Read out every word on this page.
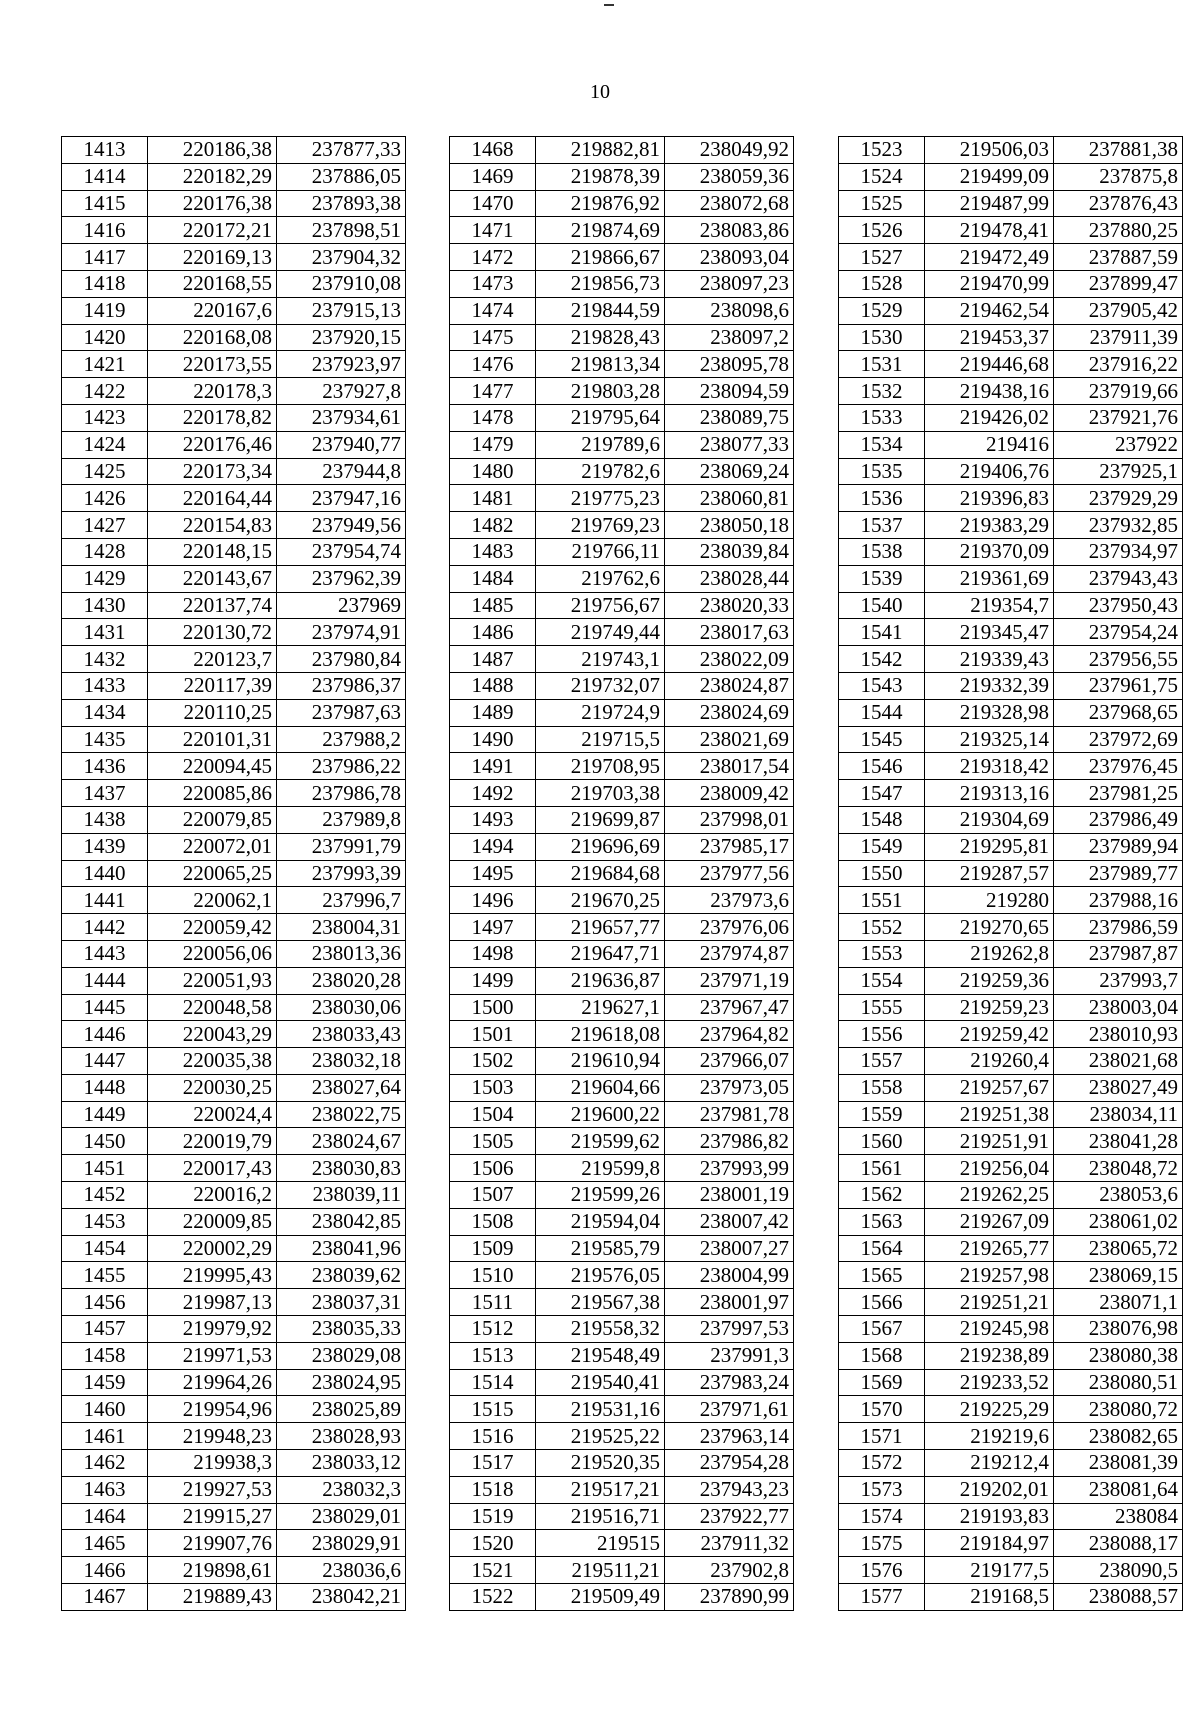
10
1413	220186,38	237877,33
1414	220182,29	237886,05
1415	220176,38	237893,38
1416	220172,21	237898,51
1417	220169,13	237904,32
1418	220168,55	237910,08
1419	220167,6	237915,13
1420	220168,08	237920,15
1421	220173,55	237923,97
1422	220178,3	237927,8
1423	220178,82	237934,61
1424	220176,46	237940,77
1425	220173,34	237944,8
1426	220164,44	237947,16
1427	220154,83	237949,56
1428	220148,15	237954,74
1429	220143,67	237962,39
1430	220137,74	237969
1431	220130,72	237974,91
1432	220123,7	237980,84
1433	220117,39	237986,37
1434	220110,25	237987,63
1435	220101,31	237988,2
1436	220094,45	237986,22
1437	220085,86	237986,78
1438	220079,85	237989,8
1439	220072,01	237991,79
1440	220065,25	237993,39
1441	220062,1	237996,7
1442	220059,42	238004,31
1443	220056,06	238013,36
1444	220051,93	238020,28
1445	220048,58	238030,06
1446	220043,29	238033,43
1447	220035,38	238032,18
1448	220030,25	238027,64
1449	220024,4	238022,75
1450	220019,79	238024,67
1451	220017,43	238030,83
1452	220016,2	238039,11
1453	220009,85	238042,85
1454	220002,29	238041,96
1455	219995,43	238039,62
1456	219987,13	238037,31
1457	219979,92	238035,33
1458	219971,53	238029,08
1459	219964,26	238024,95
1460	219954,96	238025,89
1461	219948,23	238028,93
1462	219938,3	238033,12
1463	219927,53	238032,3
1464	219915,27	238029,01
1465	219907,76	238029,91
1466	219898,61	238036,6
1467	219889,43	238042,21
1468	219882,81	238049,92
1469	219878,39	238059,36
1470	219876,92	238072,68
1471	219874,69	238083,86
1472	219866,67	238093,04
1473	219856,73	238097,23
1474	219844,59	238098,6
1475	219828,43	238097,2
1476	219813,34	238095,78
1477	219803,28	238094,59
1478	219795,64	238089,75
1479	219789,6	238077,33
1480	219782,6	238069,24
1481	219775,23	238060,81
1482	219769,23	238050,18
1483	219766,11	238039,84
1484	219762,6	238028,44
1485	219756,67	238020,33
1486	219749,44	238017,63
1487	219743,1	238022,09
1488	219732,07	238024,87
1489	219724,9	238024,69
1490	219715,5	238021,69
1491	219708,95	238017,54
1492	219703,38	238009,42
1493	219699,87	237998,01
1494	219696,69	237985,17
1495	219684,68	237977,56
1496	219670,25	237973,6
1497	219657,77	237976,06
1498	219647,71	237974,87
1499	219636,87	237971,19
1500	219627,1	237967,47
1501	219618,08	237964,82
1502	219610,94	237966,07
1503	219604,66	237973,05
1504	219600,22	237981,78
1505	219599,62	237986,82
1506	219599,8	237993,99
1507	219599,26	238001,19
1508	219594,04	238007,42
1509	219585,79	238007,27
1510	219576,05	238004,99
1511	219567,38	238001,97
1512	219558,32	237997,53
1513	219548,49	237991,3
1514	219540,41	237983,24
1515	219531,16	237971,61
1516	219525,22	237963,14
1517	219520,35	237954,28
1518	219517,21	237943,23
1519	219516,71	237922,77
1520	219515	237911,32
1521	219511,21	237902,8
1522	219509,49	237890,99
1523	219506,03	237881,38
1524	219499,09	237875,8
1525	219487,99	237876,43
1526	219478,41	237880,25
1527	219472,49	237887,59
1528	219470,99	237899,47
1529	219462,54	237905,42
1530	219453,37	237911,39
1531	219446,68	237916,22
1532	219438,16	237919,66
1533	219426,02	237921,76
1534	219416	237922
1535	219406,76	237925,1
1536	219396,83	237929,29
1537	219383,29	237932,85
1538	219370,09	237934,97
1539	219361,69	237943,43
1540	219354,7	237950,43
1541	219345,47	237954,24
1542	219339,43	237956,55
1543	219332,39	237961,75
1544	219328,98	237968,65
1545	219325,14	237972,69
1546	219318,42	237976,45
1547	219313,16	237981,25
1548	219304,69	237986,49
1549	219295,81	237989,94
1550	219287,57	237989,77
1551	219280	237988,16
1552	219270,65	237986,59
1553	219262,8	237987,87
1554	219259,36	237993,7
1555	219259,23	238003,04
1556	219259,42	238010,93
1557	219260,4	238021,68
1558	219257,67	238027,49
1559	219251,38	238034,11
1560	219251,91	238041,28
1561	219256,04	238048,72
1562	219262,25	238053,6
1563	219267,09	238061,02
1564	219265,77	238065,72
1565	219257,98	238069,15
1566	219251,21	238071,1
1567	219245,98	238076,98
1568	219238,89	238080,38
1569	219233,52	238080,51
1570	219225,29	238080,72
1571	219219,6	238082,65
1572	219212,4	238081,39
1573	219202,01	238081,64
1574	219193,83	238084
1575	219184,97	238088,17
1576	219177,5	238090,5
1577	219168,5	238088,57
